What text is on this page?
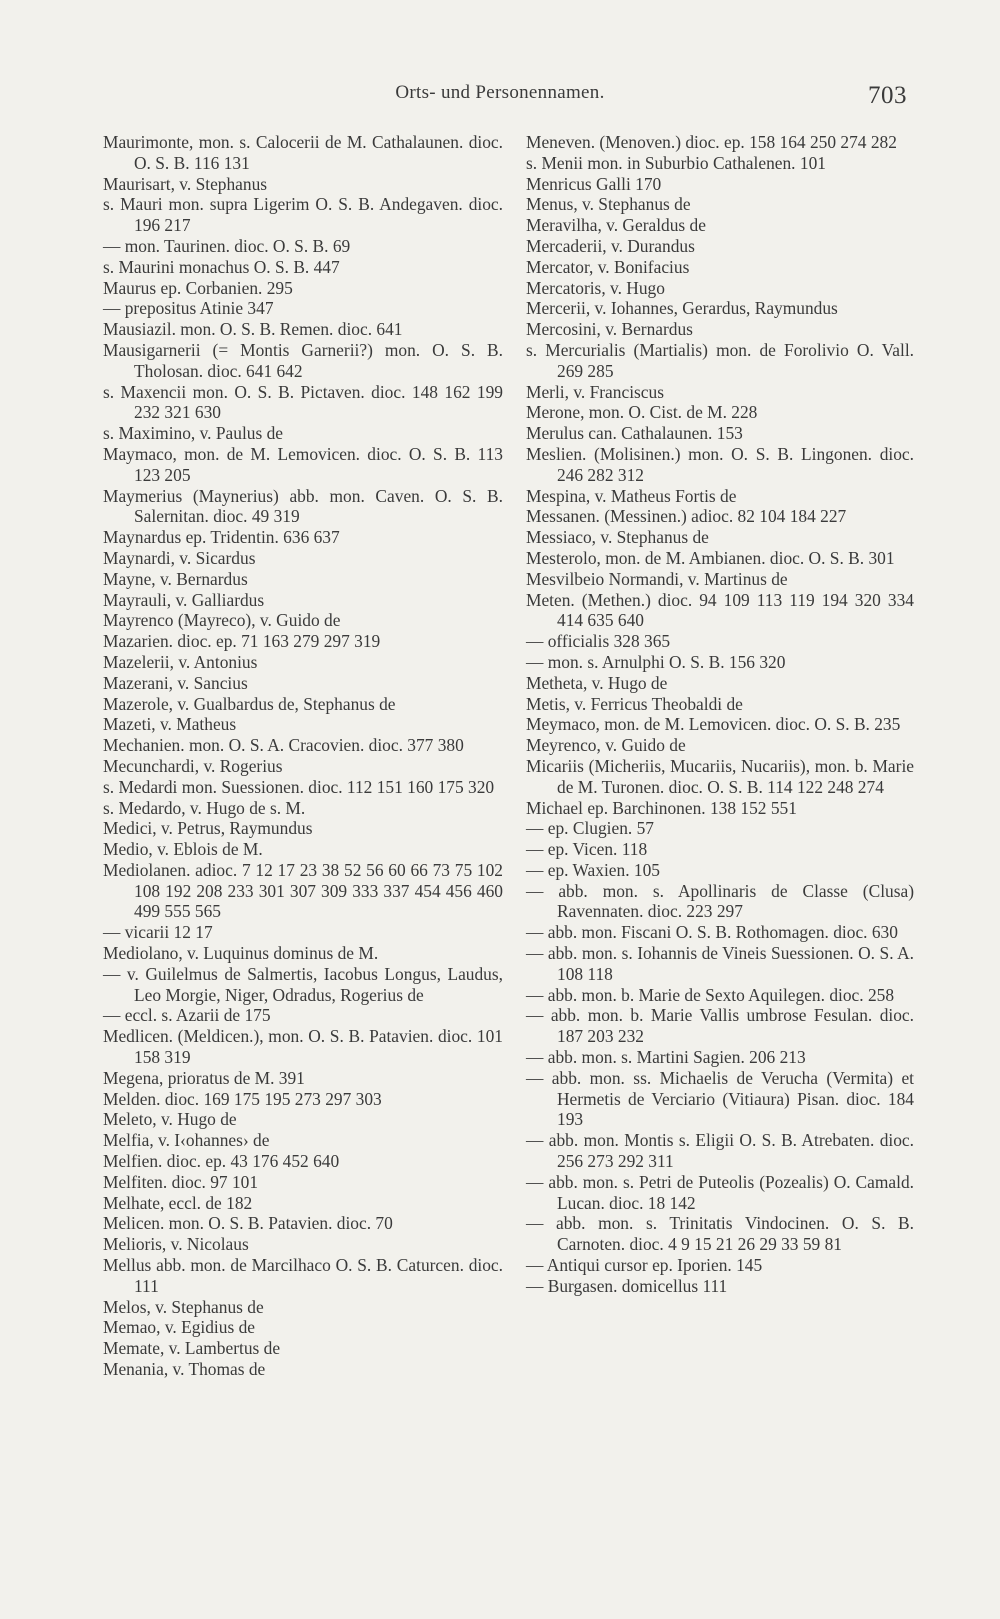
Orts- und Personennamen.	703

Maurimonte, mon. s. Calocerii de M. Cathalaunen. dioc. O. S. B. 116 131

Maurisart, v. Stephanus

s. Mauri mon. supra Ligerim O. S. B. Andegaven. dioc. 196 217

— mon. Taurinen. dioc. O. S. B. 69

s. Maurini monachus O. S. B. 447

Maurus ep. Corbanien. 295

— prepositus Atinie 347

Mausiazil. mon. O. S. B. Remen. dioc. 641

Mausigarnerii (= Montis Garnerii?) mon. O. S. B. Tholosan. dioc. 641 642

s. Maxencii mon. O. S. B. Pictaven. dioc. 148 162 199 232 321 630

s. Maximino, v. Paulus de

Maymaco, mon. de M. Lemovicen. dioc. O. S. B. 113 123 205

Maymerius (Maynerius) abb. mon. Caven. O. S. B. Salernitan. dioc. 49 319

Maynardus ep. Tridentin. 636 637

Maynardi, v. Sicardus

Mayne, v. Bernardus

Mayrauli, v. Galliardus

Mayrenco (Mayreco), v. Guido de

Mazarien. dioc. ep. 71 163 279 297 319

Mazelerii, v. Antonius

Mazerani, v. Sancius

Mazerole, v. Gualbardus de, Stephanus de

Mazeti, v. Matheus

Mechanien. mon. O. S. A. Cracovien. dioc. 377 380

Mecunchardi, v. Rogerius

s. Medardi mon. Suessionen. dioc. 112 151 160 175 320

s. Medardo, v. Hugo de s. M.

Medici, v. Petrus, Raymundus

Medio, v. Eblois de M.

Mediolanen. adioc. 7 12 17 23 38 52 56 60 66 73 75 102 108 192 208 233 301 307 309 333 337 454 456 460 499 555 565

— vicarii 12 17

Mediolano, v. Luquinus dominus de M.

— v. Guilelmus de Salmertis, Iacobus Longus, Laudus, Leo Morgie, Niger, Odradus, Rogerius de

— eccl. s. Azarii de 175

Medlicen. (Meldicen.), mon. O. S. B. Patavien. dioc. 101 158 319

Megena, prioratus de M. 391

Melden. dioc. 169 175 195 273 297 303

Meleto, v. Hugo de

Melfia, v. I‹ohannes› de

Melfien. dioc. ep. 43 176 452 640

Melfiten. dioc. 97 101

Melhate, eccl. de 182

Melicen. mon. O. S. B. Patavien. dioc. 70

Melioris, v. Nicolaus

Mellus abb. mon. de Marcilhaco O. S. B. Caturcen. dioc. 111

Melos, v. Stephanus de

Memao, v. Egidius de

Memate, v. Lambertus de

Menania, v. Thomas de

Meneven. (Menoven.) dioc. ep. 158 164 250 274 282

s. Menii mon. in Suburbio Cathalenen. 101

Menricus Galli 170

Menus, v. Stephanus de

Meravilha, v. Geraldus de

Mercaderii, v. Durandus

Mercator, v. Bonifacius

Mercatoris, v. Hugo

Mercerii, v. Iohannes, Gerardus, Raymundus

Mercosini, v. Bernardus

s. Mercurialis (Martialis) mon. de Forolivio O. Vall. 269 285

Merli, v. Franciscus

Merone, mon. O. Cist. de M. 228

Merulus can. Cathalaunen. 153

Meslien. (Molisinen.) mon. O. S. B. Lingonen. dioc. 246 282 312

Mespina, v. Matheus Fortis de

Messanen. (Messinen.) adioc. 82 104 184 227

Messiaco, v. Stephanus de

Mesterolo, mon. de M. Ambianen. dioc. O. S. B. 301

Mesvilbeio Normandi, v. Martinus de

Meten. (Methen.) dioc. 94 109 113 119 194 320 334 414 635 640

— officialis 328 365

— mon. s. Arnulphi O. S. B. 156 320

Metheta, v. Hugo de

Metis, v. Ferricus Theobaldi de

Meymaco, mon. de M. Lemovicen. dioc. O. S. B. 235

Meyrenco, v. Guido de

Micariis (Micheriis, Mucariis, Nucariis), mon. b. Marie de M. Turonen. dioc. O. S. B. 114 122 248 274

Michael ep. Barchinonen. 138 152 551

— ep. Clugien. 57

— ep. Vicen. 118

— ep. Waxien. 105

— abb. mon. s. Apollinaris de Classe (Clusa) Ravennaten. dioc. 223 297

— abb. mon. Fiscani O. S. B. Rothomagen. dioc. 630

— abb. mon. s. Iohannis de Vineis Suessionen. O. S. A. 108 118

— abb. mon. b. Marie de Sexto Aquilegen. dioc. 258

— abb. mon. b. Marie Vallis umbrose Fesulan. dioc. 187 203 232

— abb. mon. s. Martini Sagien. 206 213

— abb. mon. ss. Michaelis de Verucha (Vermita) et Hermetis de Verciario (Vitiaura) Pisan. dioc. 184 193

— abb. mon. Montis s. Eligii O. S. B. Atrebaten. dioc. 256 273 292 311

— abb. mon. s. Petri de Puteolis (Pozealis) O. Camald. Lucan. dioc. 18 142

— abb. mon. s. Trinitatis Vindocinen. O. S. B. Carnoten. dioc. 4 9 15 21 26 29 33 59 81

— Antiqui cursor ep. Iporien. 145

— Burgasen. domicellus 111
